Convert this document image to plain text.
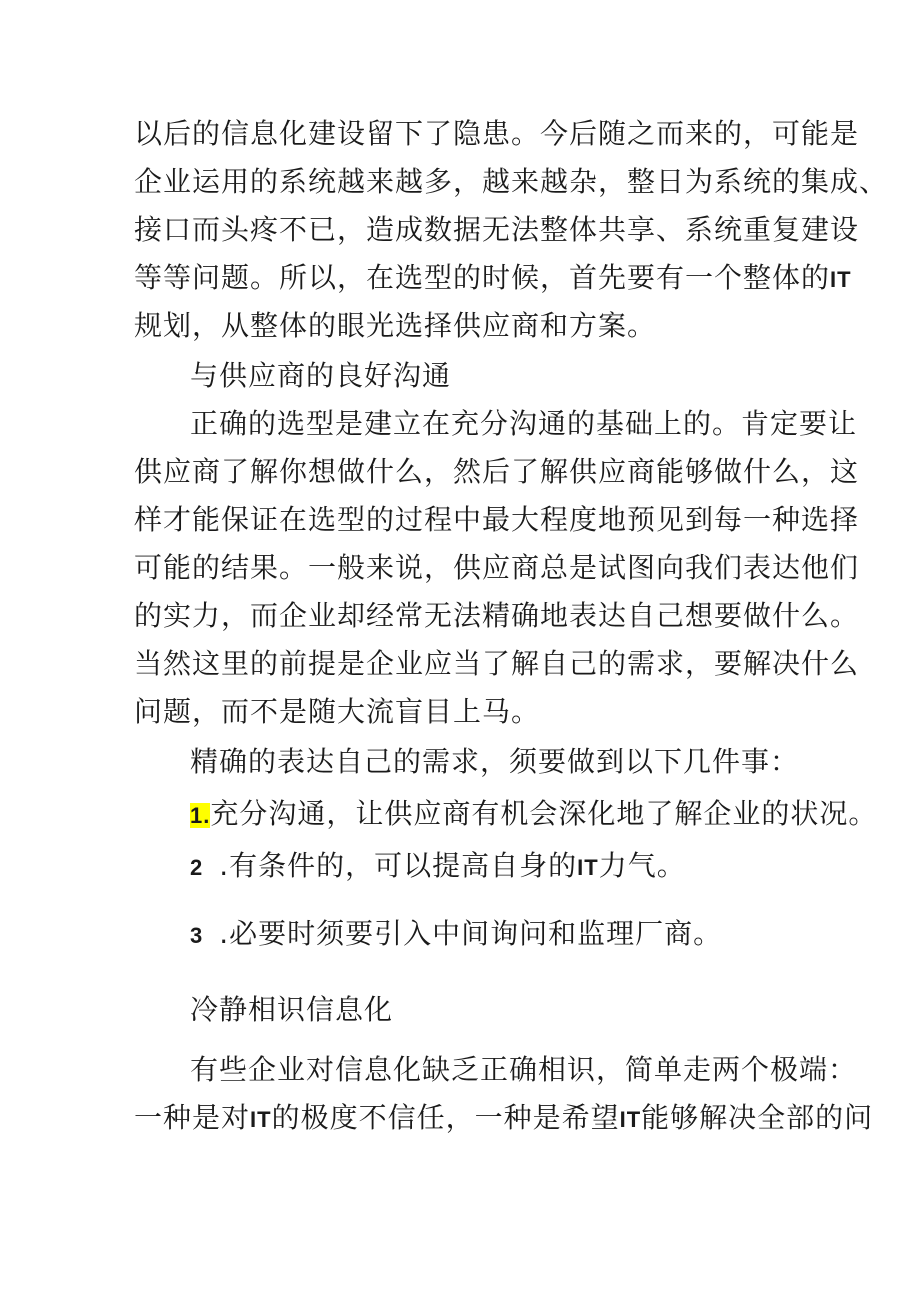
以后的信息化建设留下了隐患。今后随之而来的，可能是
企业运用的系统越来越多，越来越杂，整日为系统的集成、
接口而头疼不已，造成数据无法整体共享、系统重复建设
等等问题。所以，在选型的时候，首先要有一个整体的IT
规划，从整体的眼光选择供应商和方案。
与供应商的良好沟通
正确的选型是建立在充分沟通的基础上的。肯定要让
供应商了解你想做什么，然后了解供应商能够做什么，这
样才能保证在选型的过程中最大程度地预见到每一种选择
可能的结果。一般来说，供应商总是试图向我们表达他们
的实力，而企业却经常无法精确地表达自己想要做什么。
当然这里的前提是企业应当了解自己的需求，要解决什么
问题，而不是随大流盲目上马。
精确的表达自己的需求，须要做到以下几件事：
1.充分沟通，让供应商有机会深化地了解企业的状况。
2 .有条件的，可以提高自身的IT力气。
3 .必要时须要引入中间询问和监理厂商。
冷静相识信息化
有些企业对信息化缺乏正确相识，简单走两个极端：
一种是对IT的极度不信任，一种是希望IT能够解决全部的问
